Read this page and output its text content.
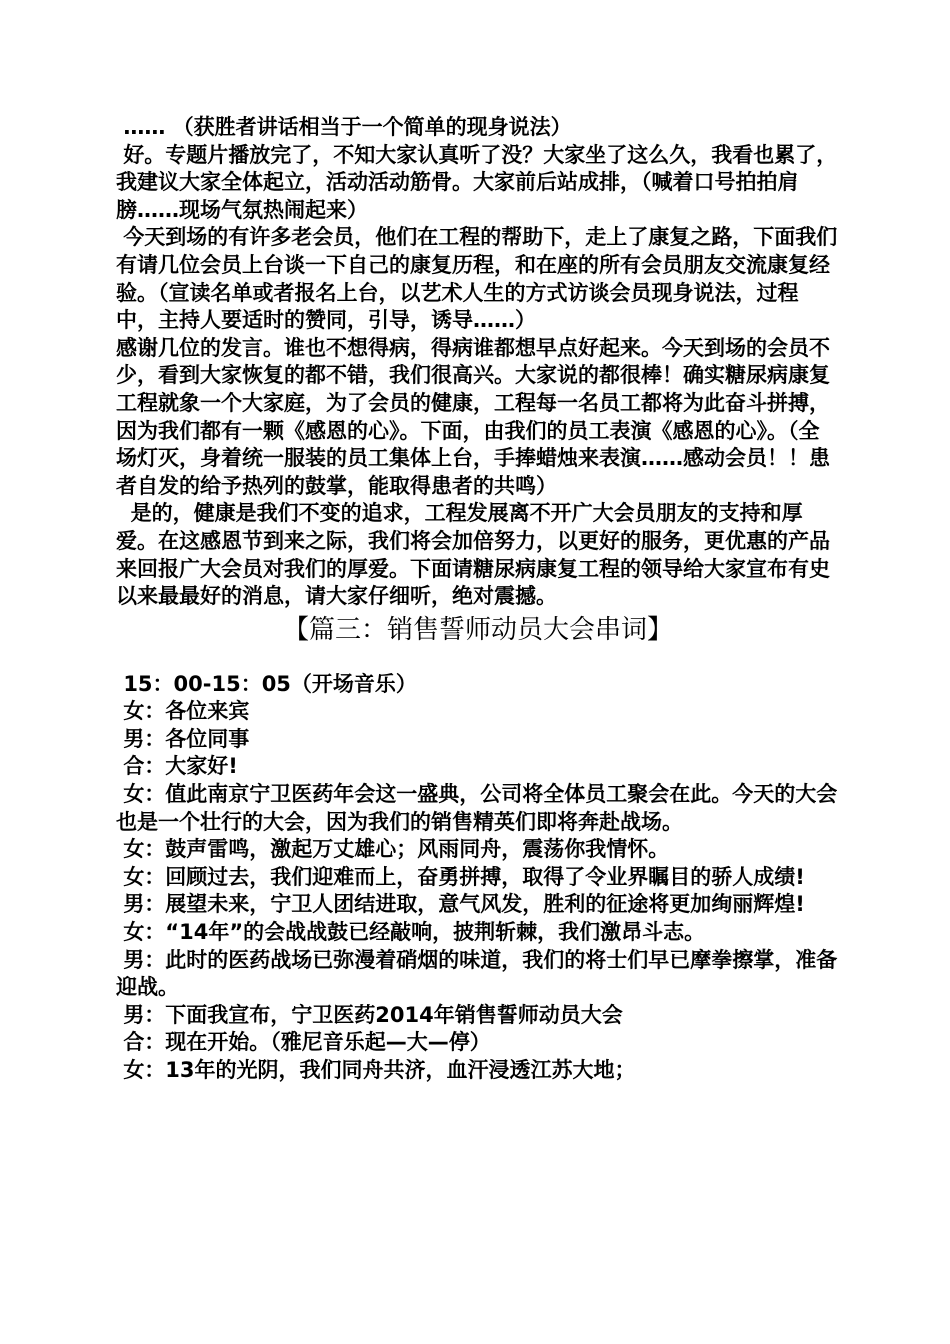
…… （获胜者讲话相当于一个简单的现身说法）

好。专题片播放完了，不知大家认真听了没？大家坐了这么久，我看也累了，我建议大家全体起立，活动活动筋骨。大家前后站成排，（喊着口号拍拍肩膀……现场气氛热闹起来）

今天到场的有许多老会员，他们在工程的帮助下，走上了康复之路，下面我们有请几位会员上台谈一下自己的康复历程，和在座的所有会员朋友交流康复经验。（宣读名单或者报名上台，以艺术人生的方式访谈会员现身说法，过程中，主持人要适时的赞同，引导，诱导……）

感谢几位的发言。谁也不想得病，得病谁都想早点好起来。今天到场的会员不少，看到大家恢复的都不错，我们很高兴。大家说的都很棒！确实糖尿病康复工程就象一个大家庭，为了会员的健康，工程每一名员工都将为此奋斗拼搏，因为我们都有一颗《感恩的心》。下面，由我们的员工表演《感恩的心》。（全场灯灭，身着统一服装的员工集体上台，手捧蜡烛来表演……感动会员！！患者自发的给予热列的鼓掌，能取得患者的共鸣）

是的，健康是我们不变的追求，工程发展离不开广大会员朋友的支持和厚爱。在这感恩节到来之际，我们将会加倍努力，以更好的服务，更优惠的产品来回报广大会员对我们的厚爱。下面请糖尿病康复工程的领导给大家宣布有史以来最最好的消息，请大家仔细听，绝对震撼。

【篇三：销售誓师动员大会串词】

15：00-15：05（开场音乐）

女：各位来宾

男：各位同事

合：大家好!

女：值此南京宁卫医药年会这一盛典，公司将全体员工聚会在此。今天的大会也是一个壮行的大会，因为我们的销售精英们即将奔赴战场。

女：鼓声雷鸣，激起万丈雄心；风雨同舟，震荡你我情怀。

女：回顾过去，我们迎难而上，奋勇拼搏，取得了令业界瞩目的骄人成绩!

男：展望未来，宁卫人团结进取，意气风发，胜利的征途将更加绚丽辉煌!

女：“14年”的会战战鼓已经敲响，披荆斩棘，我们激昂斗志。

男：此时的医药战场已弥漫着硝烟的味道，我们的将士们早已摩拳擦掌，准备迎战。

男：下面我宣布，宁卫医药2014年销售誓师动员大会

合：现在开始。（雅尼音乐起—大—停）

女：13年的光阴，我们同舟共济，血汗浸透江苏大地；
